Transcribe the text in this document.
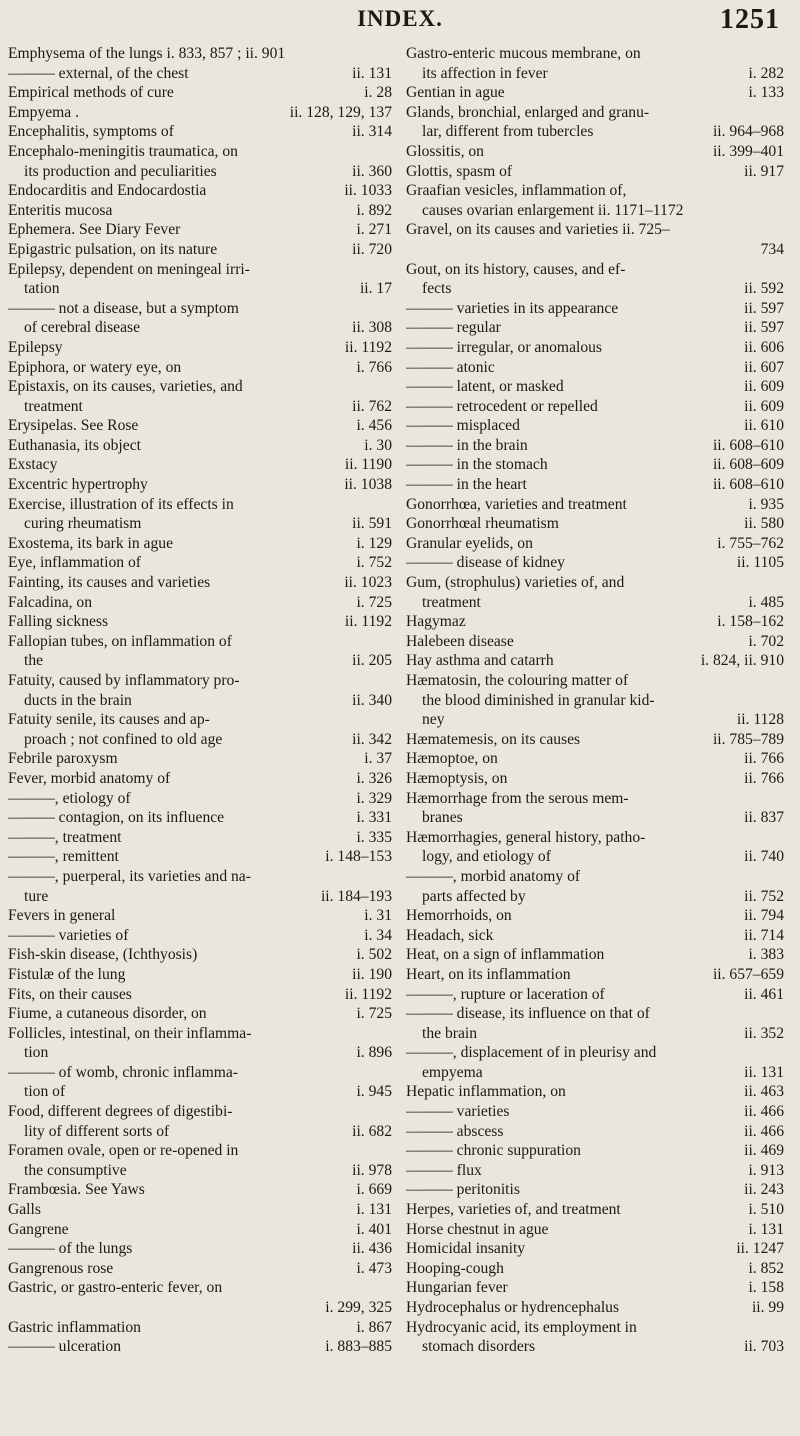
INDEX.	1251
Emphysema of the lungs i. 833, 857 ; ii. 901
——— external, of the chest	ii. 131
Empirical methods of cure	i. 28
Empyema .	ii. 128, 129, 137
Encephalitis, symptoms of	ii. 314
Encephalo-meningitis traumatica, on
its production and peculiarities	ii. 360
Endocarditis and Endocardostia	ii. 1033
Enteritis mucosa	i. 892
Ephemera. See Diary Fever	i. 271
Epigastric pulsation, on its nature	ii. 720
Epilepsy, dependent on meningeal irri-
tation	ii. 17
——— not a disease, but a symptom
of cerebral disease	ii. 308
Epilepsy	ii. 1192
Epiphora, or watery eye, on	i. 766
Epistaxis, on its causes, varieties, and
treatment	ii. 762
Erysipelas. See Rose	i. 456
Euthanasia, its object	i. 30
Exstacy	ii. 1190
Excentric hypertrophy	ii. 1038
Exercise, illustration of its effects in
curing rheumatism	ii. 591
Exostema, its bark in ague	i. 129
Eye, inflammation of	i. 752
Fainting, its causes and varieties	ii. 1023
Falcadina, on	i. 725
Falling sickness	ii. 1192
Fallopian tubes, on inflammation of
the	ii. 205
Fatuity, caused by inflammatory pro-
ducts in the brain	ii. 340
Fatuity senile, its causes and ap-
proach ; not confined to old age	ii. 342
Febrile paroxysm	i. 37
Fever, morbid anatomy of	i. 326
———, etiology of	i. 329
——— contagion, on its influence	i. 331
———, treatment	i. 335
———, remittent	i. 148–153
———, puerperal, its varieties and na-
ture	ii. 184–193
Fevers in general	i. 31
——— varieties of	i. 34
Fish-skin disease, (Ichthyosis)	i. 502
Fistulæ of the lung	ii. 190
Fits, on their causes	ii. 1192
Fiume, a cutaneous disorder, on	i. 725
Follicles, intestinal, on their inflamma-
tion	i. 896
——— of womb, chronic inflamma-
tion of	i. 945
Food, different degrees of digestibi-
lity of different sorts of	ii. 682
Foramen ovale, open or re-opened in
the consumptive	ii. 978
Frambœsia. See Yaws	i. 669
Galls	i. 131
Gangrene	i. 401
——— of the lungs	ii. 436
Gangrenous rose	i. 473
Gastric, or gastro-enteric fever, on
i. 299, 325
Gastric inflammation	i. 867
——— ulceration	i. 883–885
Gastro-enteric mucous membrane, on
its affection in fever	i. 282
Gentian in ague	i. 133
Glands, bronchial, enlarged and granu-
lar, different from tubercles	ii. 964–968
Glossitis, on	ii. 399–401
Glottis, spasm of	ii. 917
Graafian vesicles, inflammation of,
causes ovarian enlargement ii. 1171–1172
Gravel, on its causes and varieties ii. 725–
734
Gout, on its history, causes, and ef-
fects	ii. 592
——— varieties in its appearance	ii. 597
——— regular	ii. 597
——— irregular, or anomalous	ii. 606
——— atonic	ii. 607
——— latent, or masked	ii. 609
——— retrocedent or repelled	ii. 609
——— misplaced	ii. 610
——— in the brain	ii. 608–610
——— in the stomach	ii. 608–609
——— in the heart	ii. 608–610
Gonorrhœa, varieties and treatment	i. 935
Gonorrhœal rheumatism	ii. 580
Granular eyelids, on	i. 755–762
——— disease of kidney	ii. 1105
Gum, (strophulus) varieties of, and
treatment	i. 485
Hagymaz	i. 158–162
Halebeen disease	i. 702
Hay asthma and catarrh	i. 824, ii. 910
Hæmatosin, the colouring matter of
the blood diminished in granular kid-
ney	ii. 1128
Hæmatemesis, on its causes	ii. 785–789
Hæmoptoe, on	ii. 766
Hæmoptysis, on	ii. 766
Hæmorrhage from the serous mem-
branes	ii. 837
Hæmorrhagies, general history, patho-
logy, and etiology of	ii. 740
———, morbid anatomy of
parts affected by	ii. 752
Hemorrhoids, on	ii. 794
Headach, sick	ii. 714
Heat, on a sign of inflammation	i. 383
Heart, on its inflammation	ii. 657–659
———, rupture or laceration of	ii. 461
——— disease, its influence on that of
the brain	ii. 352
———, displacement of in pleurisy and
empyema	ii. 131
Hepatic inflammation, on	ii. 463
——— varieties	ii. 466
——— abscess	ii. 466
——— chronic suppuration	ii. 469
——— flux	i. 913
——— peritonitis	ii. 243
Herpes, varieties of, and treatment	i. 510
Horse chestnut in ague	i. 131
Homicidal insanity	ii. 1247
Hooping-cough	i. 852
Hungarian fever	i. 158
Hydrocephalus or hydrencephalus	ii. 99
Hydrocyanic acid, its employment in
stomach disorders	ii. 703
